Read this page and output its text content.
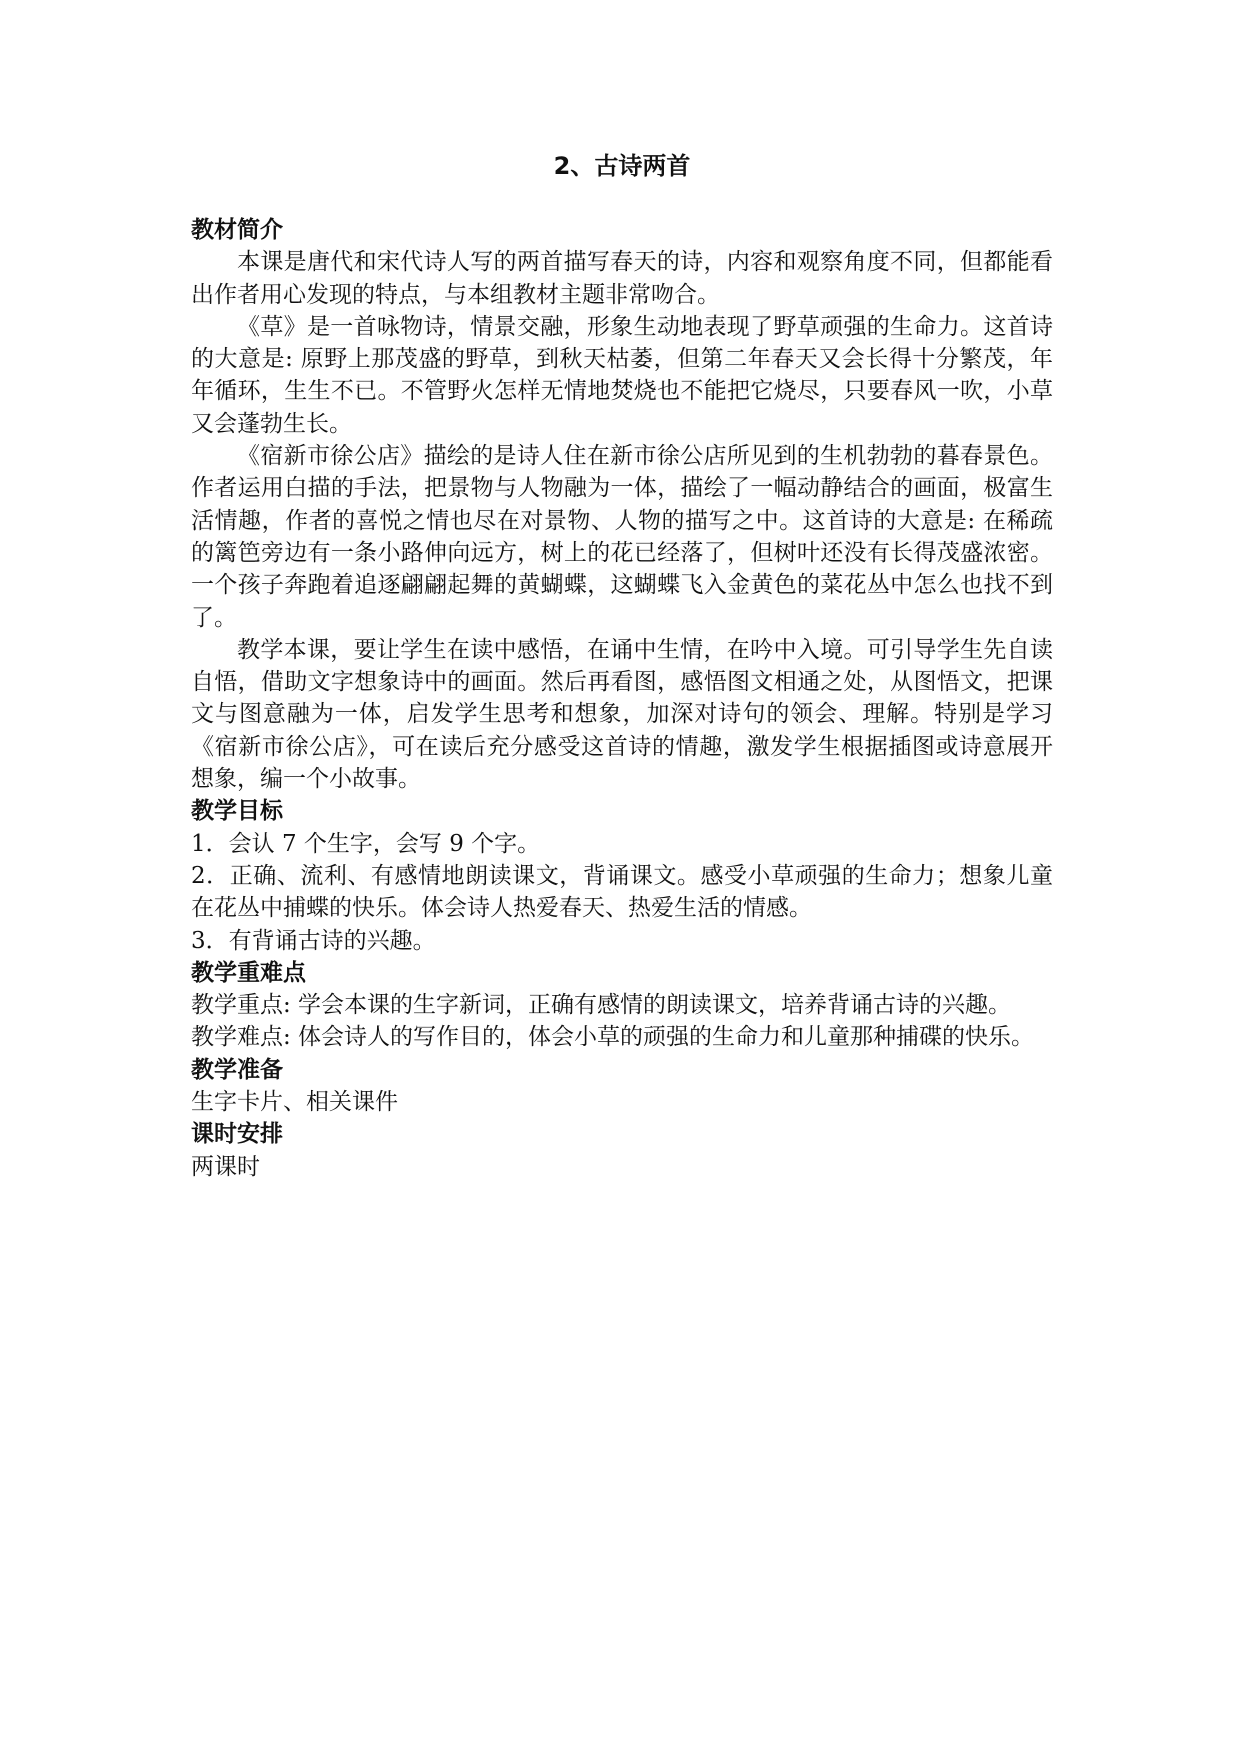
2、古诗两首
教材简介

本课是唐代和宋代诗人写的两首描写春天的诗，内容和观察角度不同，但都能看出作者用心发现的特点，与本组教材主题非常吻合。

《草》是一首咏物诗，情景交融，形象生动地表现了野草顽强的生命力。这首诗的大意是: 原野上那茂盛的野草，到秋天枯萎，但第二年春天又会长得十分繁茂，年年循环，生生不已。不管野火怎样无情地焚烧也不能把它烧尽，只要春风一吹，小草又会蓬勃生长。

《宿新市徐公店》描绘的是诗人住在新市徐公店所见到的生机勃勃的暮春景色。作者运用白描的手法，把景物与人物融为一体，描绘了一幅动静结合的画面，极富生活情趣，作者的喜悦之情也尽在对景物、人物的描写之中。这首诗的大意是: 在稀疏的篱笆旁边有一条小路伸向远方，树上的花已经落了，但树叶还没有长得茂盛浓密。一个孩子奔跑着追逐翩翩起舞的黄蝴蝶，这蝴蝶飞入金黄色的菜花丛中怎么也找不到了。

教学本课，要让学生在读中感悟，在诵中生情，在吟中入境。可引导学生先自读自悟，借助文字想象诗中的画面。然后再看图，感悟图文相通之处，从图悟文，把课文与图意融为一体，启发学生思考和想象，加深对诗句的领会、理解。特别是学习《宿新市徐公店》，可在读后充分感受这首诗的情趣，激发学生根据插图或诗意展开想象，编一个小故事。

教学目标

1．会认 7 个生字，会写 9 个字。

2．正确、流利、有感情地朗读课文，背诵课文。感受小草顽强的生命力；想象儿童在花丛中捕蝶的快乐。体会诗人热爱春天、热爱生活的情感。

3．有背诵古诗的兴趣。

教学重难点

教学重点: 学会本课的生字新词，正确有感情的朗读课文，培养背诵古诗的兴趣。

教学难点: 体会诗人的写作目的，体会小草的顽强的生命力和儿童那种捕碟的快乐。

教学准备

生字卡片、相关课件

课时安排

两课时
